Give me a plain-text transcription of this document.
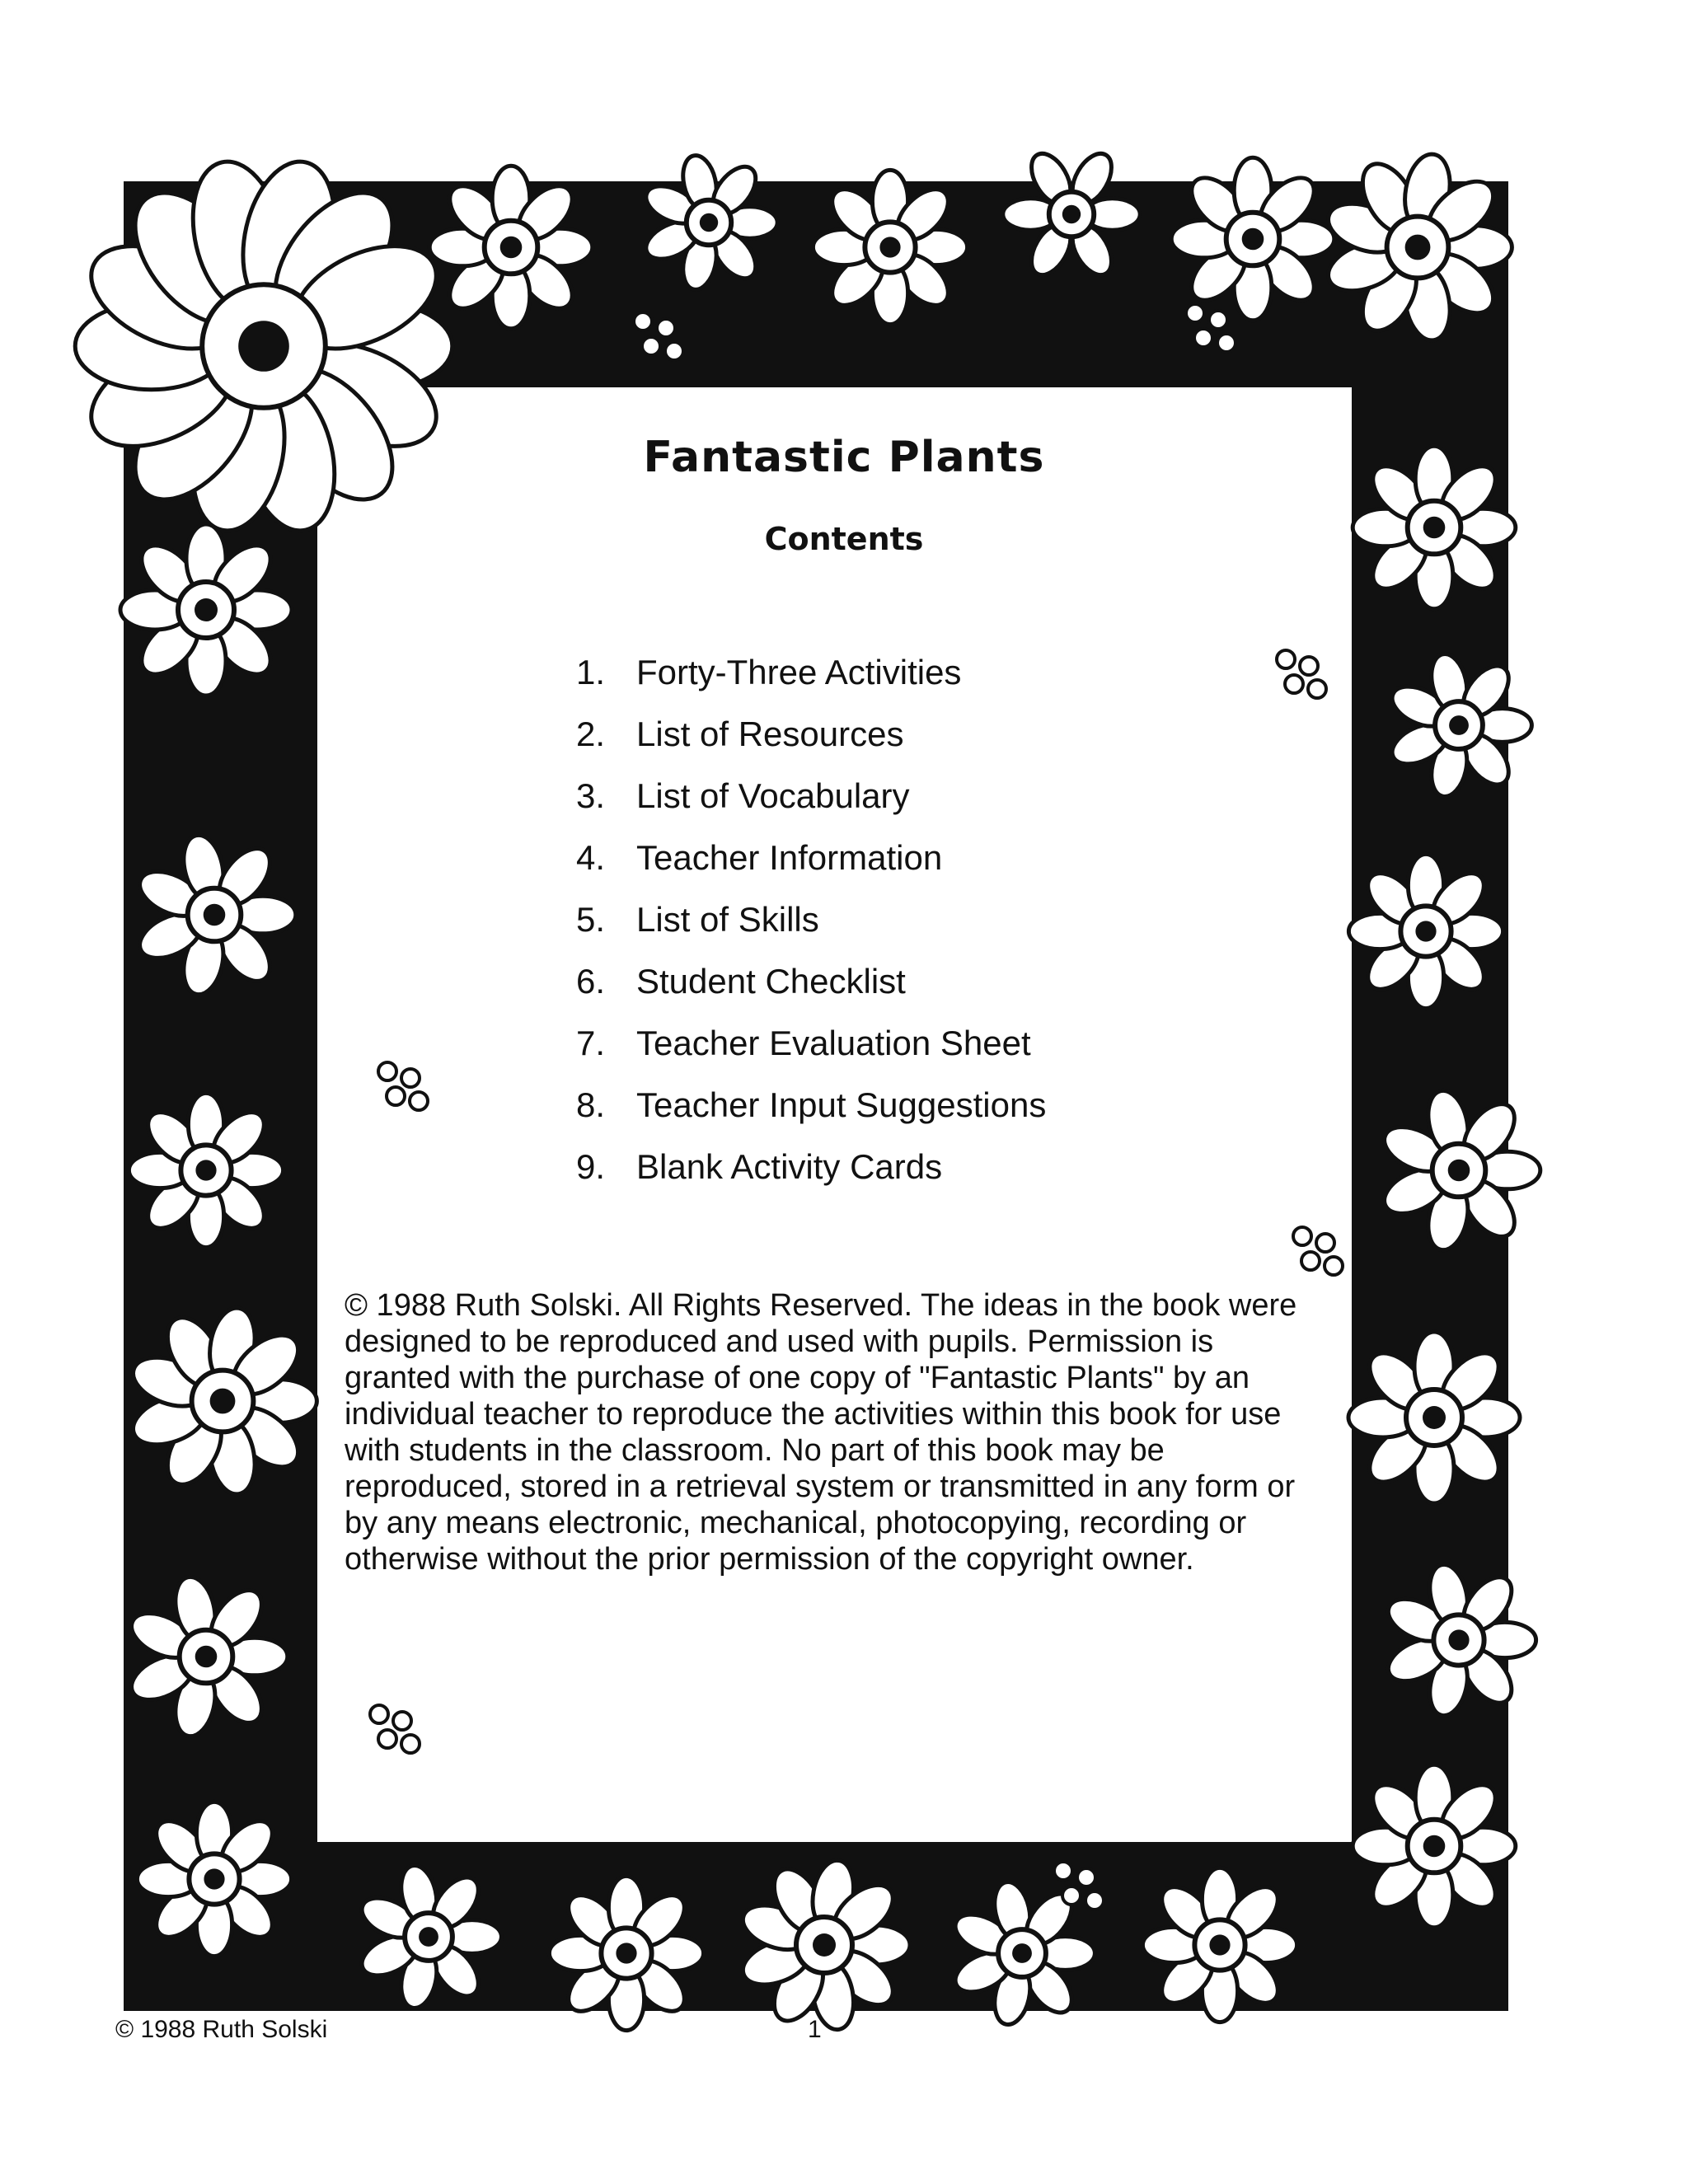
Fantastic Plants
Contents
1. Forty-Three Activities
2. List of Resources
3. List of Vocabulary
4. Teacher Information
5. List of Skills
6. Student Checklist
7. Teacher Evaluation Sheet
8. Teacher Input Suggestions
9. Blank Activity Cards

© 1988 Ruth Solski. All Rights Reserved. The ideas in the book were designed to be reproduced and used with pupils. Permission is granted with the purchase of one copy of "Fantastic Plants" by an individual teacher to reproduce the activities within this book for use with students in the classroom. No part of this book may be reproduced, stored in a retrieval system or transmitted in any form or by any means electronic, mechanical, photocopying, recording or otherwise without the prior permission of the copyright owner.

© 1988 Ruth Solski	1
